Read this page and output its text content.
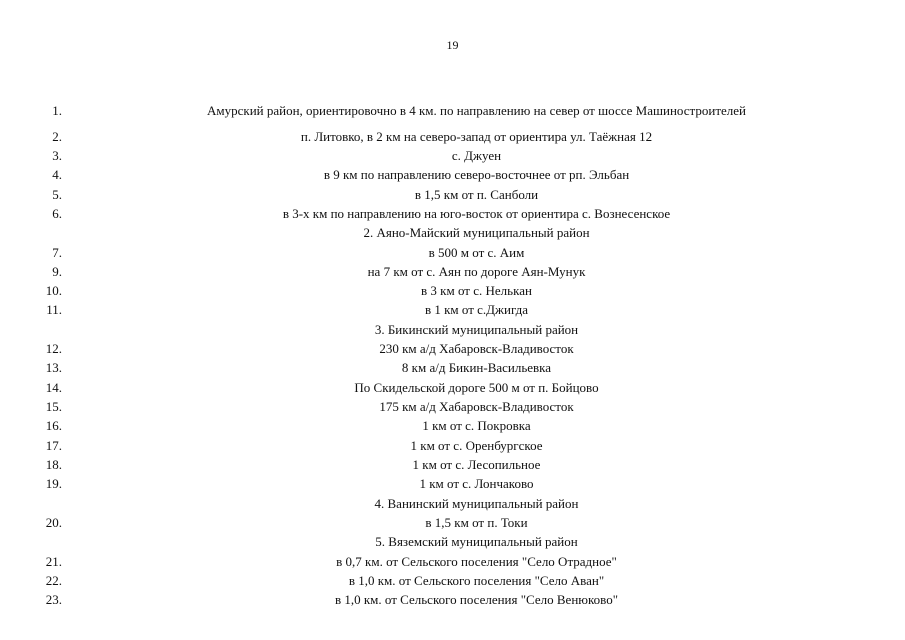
19
1.	Амурский район, ориентировочно в 4 км. по направлению на север от шоссе Машиностроителей
2.	п. Литовко, в 2 км на северо-запад от ориентира ул. Таёжная 12
3.	с. Джуен
4.	в 9 км по направлению северо-восточнее от рп. Эльбан
5.	в 1,5 км от п. Санболи
6.	в 3-х км по направлению на юго-восток от ориентира с. Вознесенское
2. Аяно-Майский муниципальный район
7.	в 500 м от с. Аим
9.	на 7 км от с. Аян по дороге Аян-Мунук
10.	в 3 км от с. Нелькан
11.	в 1 км от с.Джигда
3. Бикинский муниципальный район
12.	230 км а/д Хабаровск-Владивосток
13.	8 км а/д Бикин-Васильевка
14.	По Скидельской дороге 500 м от п. Бойцово
15.	175 км а/д Хабаровск-Владивосток
16.	1 км от с. Покровка
17.	1 км от с. Оренбургское
18.	1 км от с. Лесопильное
19.	1 км от с. Лончаково
4. Ванинский муниципальный район
20.	в 1,5 км от п. Токи
5. Вяземский муниципальный район
21.	в 0,7 км. от Сельского поселения "Село Отрадное"
22.	в 1,0 км. от Сельского поселения "Село Аван"
23.	в 1,0 км. от Сельского поселения "Село Венюково"
